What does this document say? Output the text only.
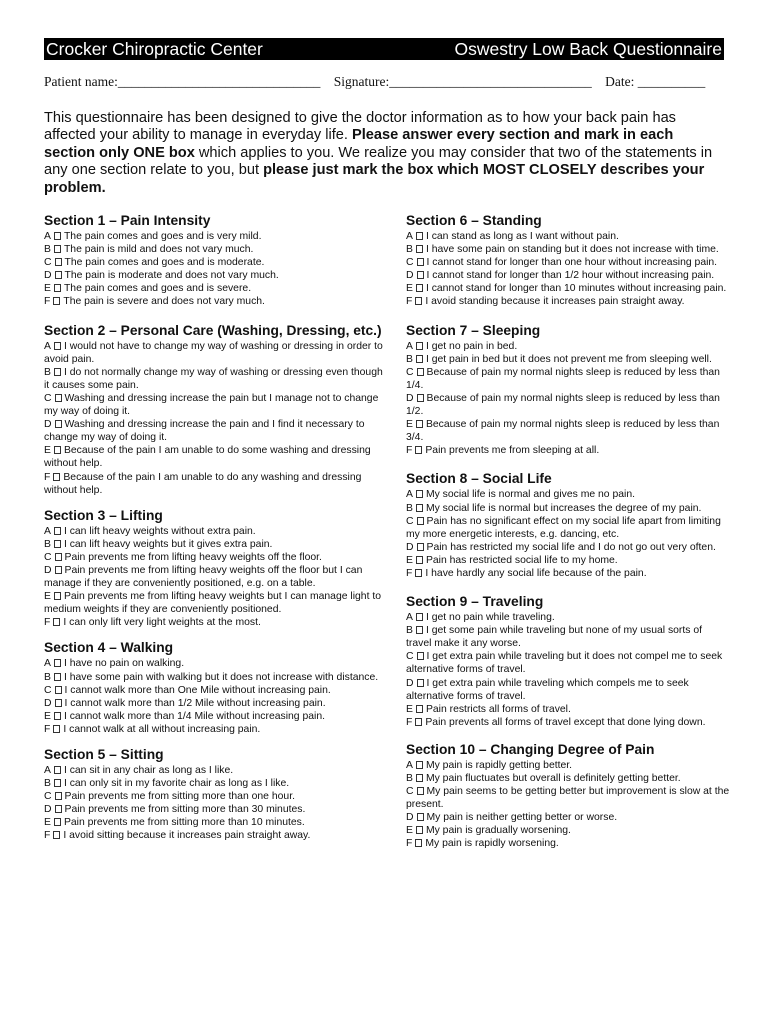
Crocker Chiropractic Center	Oswestry Low Back Questionnaire
Patient name:______________________________ Signature:______________________________ Date: __________
This questionnaire has been designed to give the doctor information as to how your back pain has affected your ability to manage in everyday life. Please answer every section and mark in each section only ONE box which applies to you. We realize you may consider that two of the statements in any one section relate to you, but please just mark the box which MOST CLOSELY describes your problem.
Section 1 – Pain Intensity
A The pain comes and goes and is very mild.
B The pain is mild and does not vary much.
C The pain comes and goes and is moderate.
D The pain is moderate and does not vary much.
E The pain comes and goes and is severe.
F The pain is severe and does not vary much.
Section 2 – Personal Care (Washing, Dressing, etc.)
A I would not have to change my way of washing or dressing in order to avoid pain.
B I do not normally change my way of washing or dressing even though it causes some pain.
C Washing and dressing increase the pain but I manage not to change my way of doing it.
D Washing and dressing increase the pain and I find it necessary to change my way of doing it.
E Because of the pain I am unable to do some washing and dressing without help.
F Because of the pain I am unable to do any washing and dressing without help.
Section 3 – Lifting
A I can lift heavy weights without extra pain.
B I can lift heavy weights but it gives extra pain.
C Pain prevents me from lifting heavy weights off the floor.
D Pain prevents me from lifting heavy weights off the floor but I can manage if they are conveniently positioned, e.g. on a table.
E Pain prevents me from lifting heavy weights but I can manage light to medium weights if they are conveniently positioned.
F I can only lift very light weights at the most.
Section 4 – Walking
A I have no pain on walking.
B I have some pain with walking but it does not increase with distance.
C I cannot walk more than One Mile without increasing pain.
D I cannot walk more than 1/2 Mile without increasing pain.
E I cannot walk more than 1/4 Mile without increasing pain.
F I cannot walk at all without increasing pain.
Section 5 – Sitting
A I can sit in any chair as long as I like.
B I can only sit in my favorite chair as long as I like.
C Pain prevents me from sitting more than one hour.
D Pain prevents me from sitting more than 30 minutes.
E Pain prevents me from sitting more than 10 minutes.
F I avoid sitting because it increases pain straight away.
Section 6 – Standing
A I can stand as long as I want without pain.
B I have some pain on standing but it does not increase with time.
C I cannot stand for longer than one hour without increasing pain.
D I cannot stand for longer than 1/2 hour without increasing pain.
E I cannot stand for longer than 10 minutes without increasing pain.
F I avoid standing because it increases pain straight away.
Section 7 – Sleeping
A I get no pain in bed.
B I get pain in bed but it does not prevent me from sleeping well.
C Because of pain my normal nights sleep is reduced by less than 1/4.
D Because of pain my normal nights sleep is reduced by less than 1/2.
E Because of pain my normal nights sleep is reduced by less than 3/4.
F Pain prevents me from sleeping at all.
Section 8 – Social Life
A My social life is normal and gives me no pain.
B My social life is normal but increases the degree of my pain.
C Pain has no significant effect on my social life apart from limiting my more energetic interests, e.g. dancing, etc.
D Pain has restricted my social life and I do not go out very often.
E Pain has restricted social life to my home.
F I have hardly any social life because of the pain.
Section 9 – Traveling
A I get no pain while traveling.
B I get some pain while traveling but none of my usual sorts of travel make it any worse.
C I get extra pain while traveling but it does not compel me to seek alternative forms of travel.
D I get extra pain while traveling which compels me to seek alternative forms of travel.
E Pain restricts all forms of travel.
F Pain prevents all forms of travel except that done lying down.
Section 10 – Changing Degree of Pain
A My pain is rapidly getting better.
B My pain fluctuates but overall is definitely getting better.
C My pain seems to be getting better but improvement is slow at the present.
D My pain is neither getting better or worse.
E My pain is gradually worsening.
F My pain is rapidly worsening.
